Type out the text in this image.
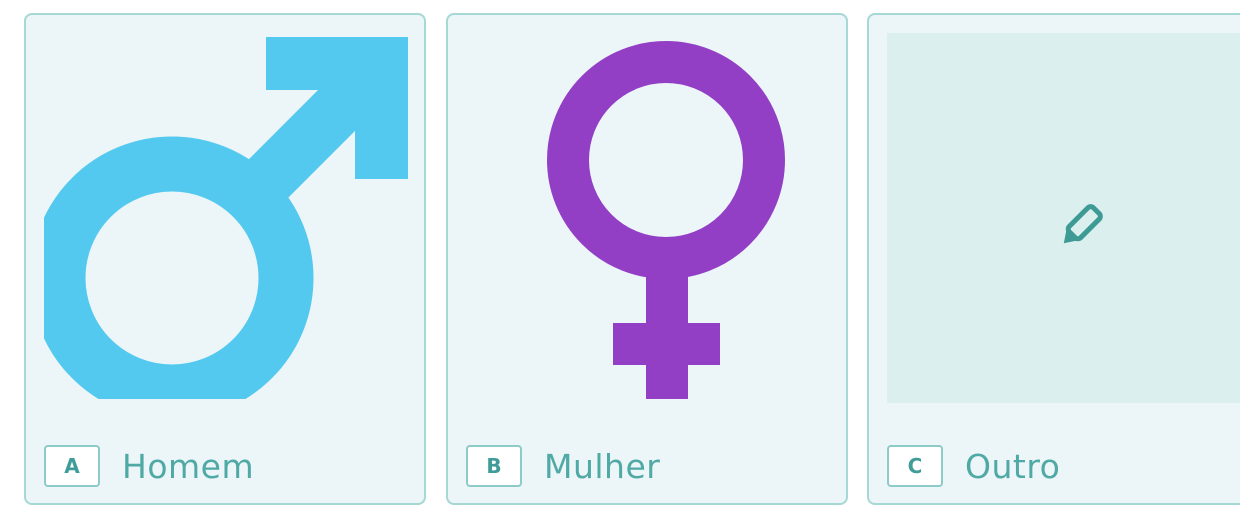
A	Homem	B	Mulher	C	Outro
